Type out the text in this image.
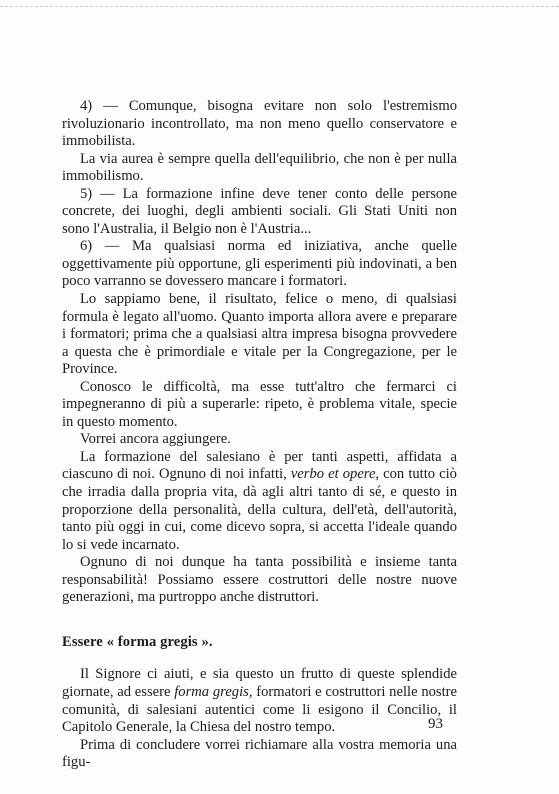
4) — Comunque, bisogna evitare non solo l'estremismo rivoluzionario incontrollato, ma non meno quello conservatore e immobilista.

La via aurea è sempre quella dell'equilibrio, che non è per nulla immobilismo.

5) — La formazione infine deve tener conto delle persone concrete, dei luoghi, degli ambienti sociali. Gli Stati Uniti non sono l'Australia, il Belgio non è l'Austria...

6) — Ma qualsiasi norma ed iniziativa, anche quelle oggettivamente più opportune, gli esperimenti più indovinati, a ben poco varranno se dovessero mancare i formatori.

Lo sappiamo bene, il risultato, felice o meno, di qualsiasi formula è legato all'uomo. Quanto importa allora avere e preparare i formatori; prima che a qualsiasi altra impresa bisogna provvedere a questa che è primordiale e vitale per la Congregazione, per le Province.

Conosco le difficoltà, ma esse tutt'altro che fermarci ci impegneranno di più a superarle: ripeto, è problema vitale, specie in questo momento.

Vorrei ancora aggiungere.

La formazione del salesiano è per tanti aspetti, affidata a ciascuno di noi. Ognuno di noi infatti, verbo et opere, con tutto ciò che irradia dalla propria vita, dà agli altri tanto di sé, e questo in proporzione della personalità, della cultura, dell'età, dell'autorità, tanto più oggi in cui, come dicevo sopra, si accetta l'ideale quando lo si vede incarnato.

Ognuno di noi dunque ha tanta possibilità e insieme tanta responsabilità! Possiamo essere costruttori delle nostre nuove generazioni, ma purtroppo anche distruttori.

Essere « forma gregis ».

Il Signore ci aiuti, e sia questo un frutto di queste splendide giornate, ad essere forma gregis, formatori e costruttori nelle nostre comunità, di salesiani autentici come li esigono il Concilio, il Capitolo Generale, la Chiesa del nostro tempo.

Prima di concludere vorrei richiamare alla vostra memoria una figu-

93
